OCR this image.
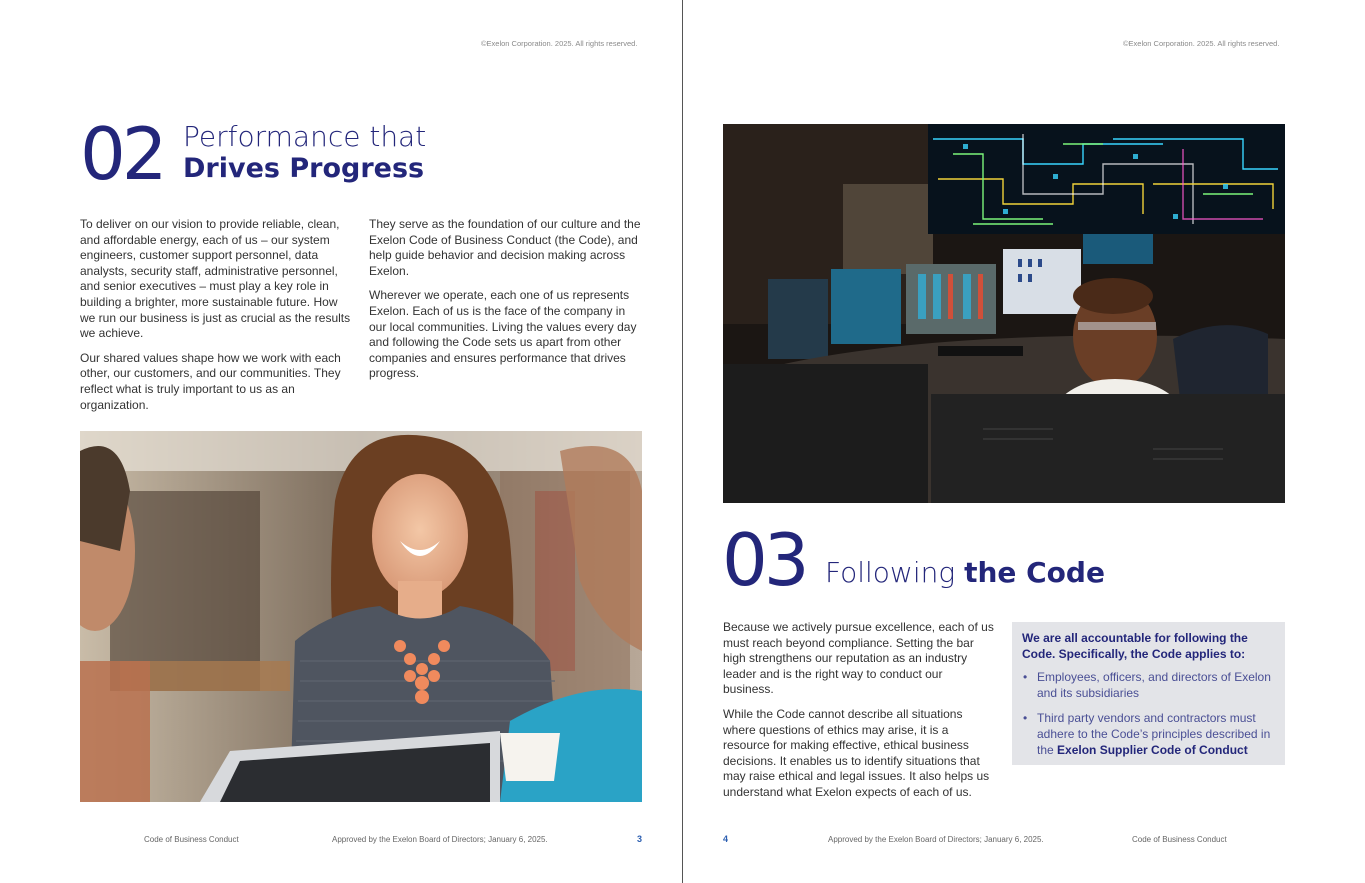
©Exelon Corporation. 2025. All rights reserved.
02 Performance that
Drives Progress

To deliver on our vision to provide reliable, clean, and affordable energy, each of us – our system engineers, customer support personnel, data analysts, security staff, administrative personnel, and senior executives – must play a key role in building a brighter, more sustainable future. How we run our business is just as crucial as the results we achieve.

Our shared values shape how we work with each other, our customers, and our communities. They reflect what is truly important to us as an organization.

They serve as the foundation of our culture and the Exelon Code of Business Conduct (the Code), and help guide behavior and decision making across Exelon.

Wherever we operate, each one of us represents Exelon. Each of us is the face of the company in our local communities. Living the values every day and following the Code sets us apart from other companies and ensures performance that drives progress.

Code of Business Conduct	Approved by the Exelon Board of Directors; January 6, 2025.	3
©Exelon Corporation. 2025. All rights reserved.
03 Following the Code

Because we actively pursue excellence, each of us must reach beyond compliance. Setting the bar high strengthens our reputation as an industry leader and is the right way to conduct our business.

While the Code cannot describe all situations where questions of ethics may arise, it is a resource for making effective, ethical business decisions. It enables us to identify situations that may raise ethical and legal issues. It also helps us understand what Exelon expects of each of us.

We are all accountable for following the Code. Specifically, the Code applies to:
• Employees, officers, and directors of Exelon and its subsidiaries
• Third party vendors and contractors must adhere to the Code’s principles described in the Exelon Supplier Code of Conduct
4	Approved by the Exelon Board of Directors; January 6, 2025.	Code of Business Conduct
